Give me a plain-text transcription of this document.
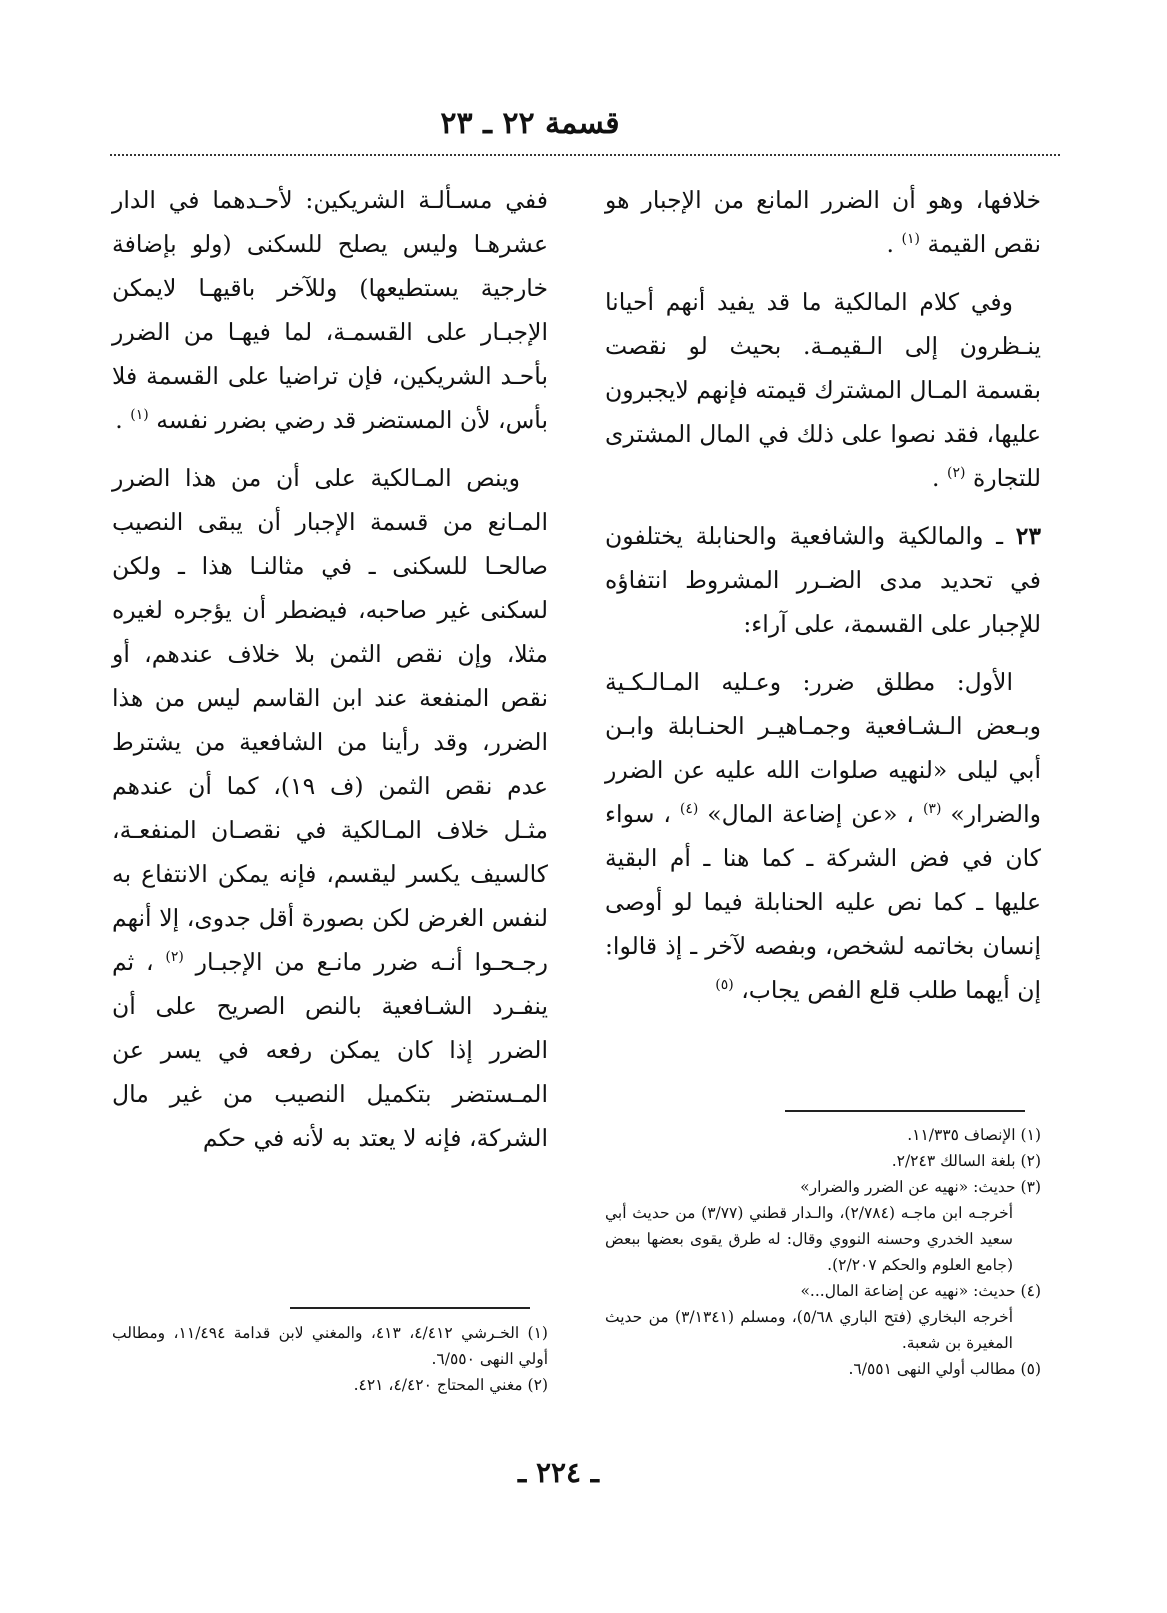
قسمة ٢٢ ـ ٢٣

خلافها، وهو أن الضرر المانع من الإجبار هو نقص القيمة $^{(١)}$ .

وفي كلام المالكية ما قد يفيد أنهم أحيانا ينـظرون إلى الـقيمـة. بحيث لو نقصت بقسمة المـال المشترك قيمته فإنهم لايجبرون عليها، فقد نصوا على ذلك في المال المشترى للتجارة $^{(٢)}$ .

٢٣ ـ والمالكية والشافعية والحنابلة يختلفون في تحديد مدى الضـرر المشروط انتفاؤه للإجبار على القسمة، على آراء:

الأول: مطلق ضرر: وعـليه المـالـكـية وبـعض الـشـافعية وجمـاهيـر الحنـابلة وابـن أبي ليلى «لنهيه صلوات الله عليه عن الضرر والضرار» $^{(٣)}$ ، «عن إضاعة المال» $^{(٤)}$ ، سواء كان في فض الشركة ـ كما هنا ـ أم البقية عليها ـ كما نص عليه الحنابلة فيما لو أوصى إنسان بخاتمه لشخص، وبفصه لآخر ـ إذ قالوا: إن أيهما طلب قلع الفص يجاب، $^{(٥)}$

ففي مسـألـة الشريكين: لأحـدهما في الدار عشرهـا وليس يصلح للسكنى (ولو بإضافة خارجية يستطيعها) وللآخر باقيهـا لايمكن الإجبـار على القسمـة، لما فيهـا من الضرر بأحـد الشريكين، فإن تراضيا على القسمة فلا بأس، لأن المستضر قد رضي بضرر نفسه $^{(١)}$ .

وينص المـالكية على أن من هذا الضرر المـانع من قسمة الإجبار أن يبقى النصيب صالحـا للسكنى ـ في مثالنـا هذا ـ ولكن لسكنى غير صاحبه، فيضطر أن يؤجره لغيره مثلا، وإن نقص الثمن بلا خلاف عندهم، أو نقص المنفعة عند ابن القاسم ليس من هذا الضرر، وقد رأينا من الشافعية من يشترط عدم نقص الثمن (ف ١٩)، كما أن عندهم مثـل خلاف المـالكية في نقصـان المنفعـة، كالسيف يكسر ليقسم، فإنه يمكن الانتفاع به لنفس الغرض لكن بصورة أقل جدوى، إلا أنهم رجـحـوا أنـه ضرر مانـع من الإجبـار $^{(٢)}$ ، ثم ينفـرد الشـافعية بالنص الصريح على أن الضرر إذا كان يمكن رفعه في يسر عن المـستضر بتكميل النصيب من غير مال الشركة، فإنه لا يعتد به لأنه في حكم	(١) الإنصاف ١١/٣٣٥.

(٢) بلغة السالك ٢/٢٤٣.

(٣) حديث: «نهيه عن الضرر والضرار»
أخرجـه ابن ماجـه (٢/٧٨٤)، والـدار قطني (٣/٧٧) من حديث أبي سعيد الخدري وحسنه النووي وقال: له طرق يقوى بعضها ببعض (جامع العلوم والحكم ٢/٢٠٧).

(٤) حديث: «نهيه عن إضاعة المال...»
أخرجه البخاري (فتح الباري ٥/٦٨)، ومسلم (٣/١٣٤١) من حديث المغيرة بن شعبة.

(٥) مطالب أولي النهى ٦/٥٥١.

(١) الخـرشي ٤/٤١٢، ٤١٣، والمغني لابن قدامة ١١/٤٩٤، ومطالب أولي النهى ٦/٥٥٠.

(٢) مغني المحتاج ٤/٤٢٠، ٤٢١.

ـ ٢٢٤ ـ
